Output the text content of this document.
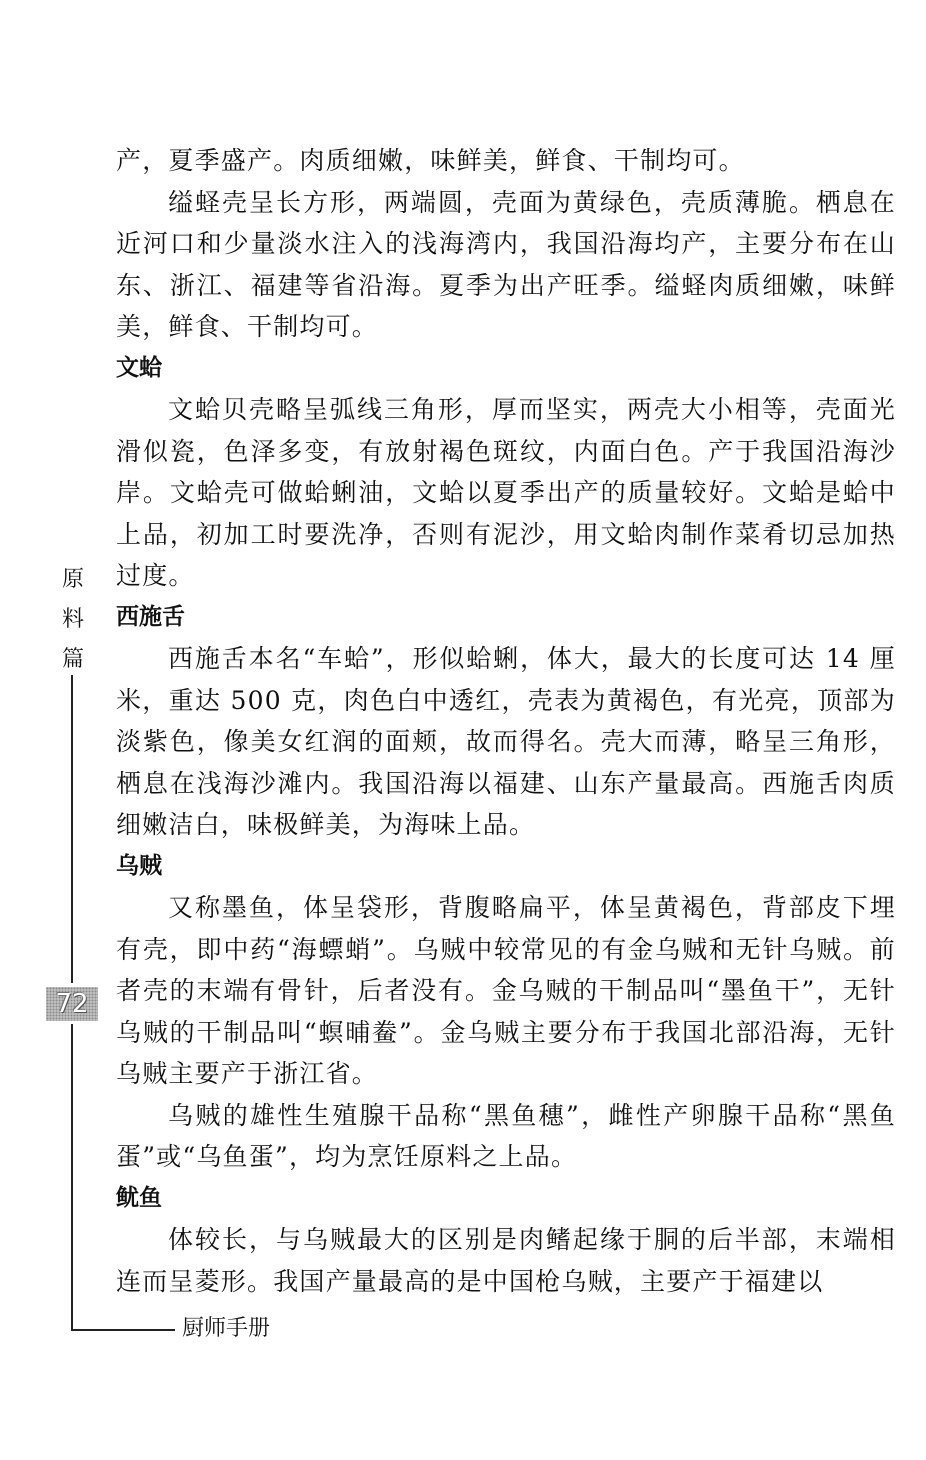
原
料
篇
72
厨师手册

产，夏季盛产。肉质细嫩，味鲜美，鲜食、干制均可。

缢蛏壳呈长方形，两端圆，壳面为黄绿色，壳质薄脆。栖息在近河口和少量淡水注入的浅海湾内，我国沿海均产，主要分布在山东、浙江、福建等省沿海。夏季为出产旺季。缢蛏肉质细嫩，味鲜美，鲜食、干制均可。

文蛤

文蛤贝壳略呈弧线三角形，厚而坚实，两壳大小相等，壳面光滑似瓷，色泽多变，有放射褐色斑纹，内面白色。产于我国沿海沙岸。文蛤壳可做蛤蜊油，文蛤以夏季出产的质量较好。文蛤是蛤中上品，初加工时要洗净，否则有泥沙，用文蛤肉制作菜肴切忌加热过度。

西施舌

西施舌本名“车蛤”，形似蛤蜊，体大，最大的长度可达 14 厘米，重达 500 克，肉色白中透红，壳表为黄褐色，有光亮，顶部为淡紫色，像美女红润的面颊，故而得名。壳大而薄，略呈三角形，栖息在浅海沙滩内。我国沿海以福建、山东产量最高。西施舌肉质细嫩洁白，味极鲜美，为海味上品。

乌贼

又称墨鱼，体呈袋形，背腹略扁平，体呈黄褐色，背部皮下埋有壳，即中药“海螵蛸”。乌贼中较常见的有金乌贼和无针乌贼。前者壳的末端有骨针，后者没有。金乌贼的干制品叫“墨鱼干”，无针乌贼的干制品叫“螟晡鲞”。金乌贼主要分布于我国北部沿海，无针乌贼主要产于浙江省。

乌贼的雄性生殖腺干品称“黑鱼穗”，雌性产卵腺干品称“黑鱼蛋”或“乌鱼蛋”，均为烹饪原料之上品。

鱿鱼

体较长，与乌贼最大的区别是肉鳍起缘于胴的后半部，末端相连而呈菱形。我国产量最高的是中国枪乌贼，主要产于福建以
